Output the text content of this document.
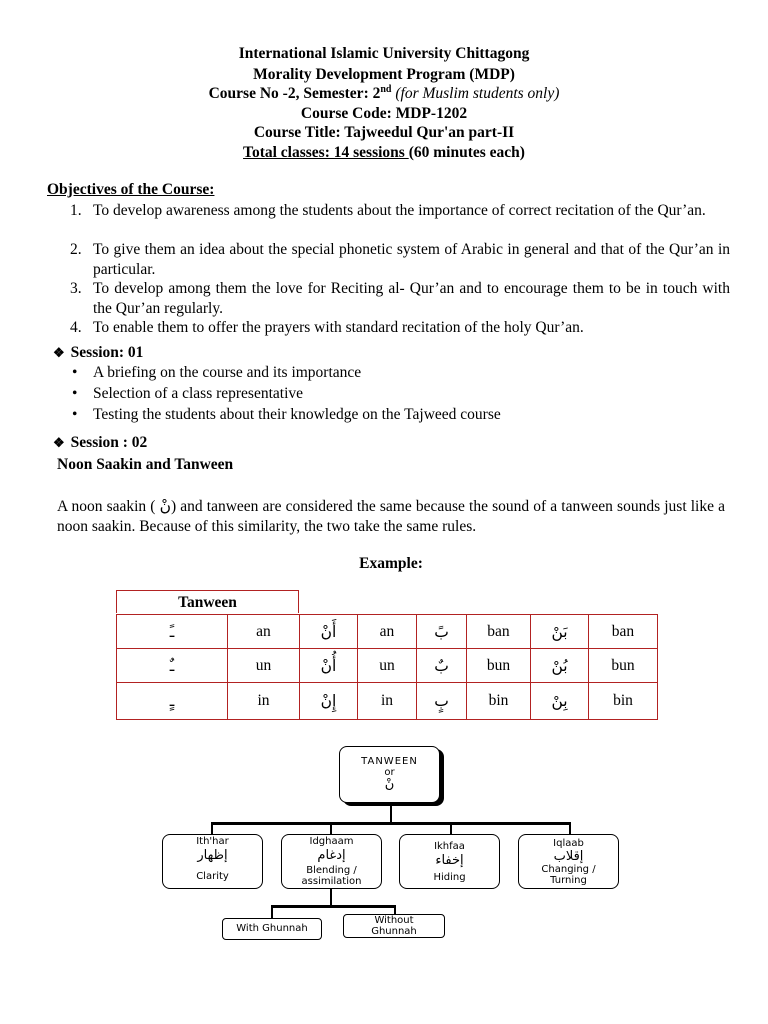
International Islamic University Chittagong
Morality Development Program (MDP)
Course No -2, Semester: 2nd (for Muslim students only)
Course Code: MDP-1202
Course Title: Tajweedul Qur'an part-II
Total classes: 14 sessions (60 minutes each)
Objectives of the Course:
1. To develop awareness among the students about the importance of correct recitation of the Qur’an.
2. To give them an idea about the special phonetic system of Arabic in general and that of the Qur’an in particular.
3. To develop among them the love for Reciting al- Qur’an and to encourage them to be in touch with the Qur’an regularly.
4. To enable them to offer the prayers with standard recitation of the holy Qur’an.
❖ Session: 01
• A briefing on the course and its importance
• Selection of a class representative
• Testing the students about their knowledge on the Tajweed course
❖ Session : 02
Noon Saakin and Tanween
A noon saakin ( نْ) and tanween are considered the same because the sound of a tanween sounds just like a noon saakin. Because of this similarity, the two take the same rules.
Example:
Tanween
ـً	an	أَنْ	an	بً	ban	بَنْ	ban
ـٌ	un	أُنْ	un	بٌ	bun	بُنْ	bun
ـٍ	in	إِنْ	in	بٍ	bin	بِنْ	bin
TANWEEN
or
نْ
Ith'har
إظهار
Clarity
Idghaam
إدغام
Blending / assimilation
Ikhfaa
إخفاء
Hiding
Iqlaab
إقلاب
Changing / Turning
With Ghunnah
Without Ghunnah
